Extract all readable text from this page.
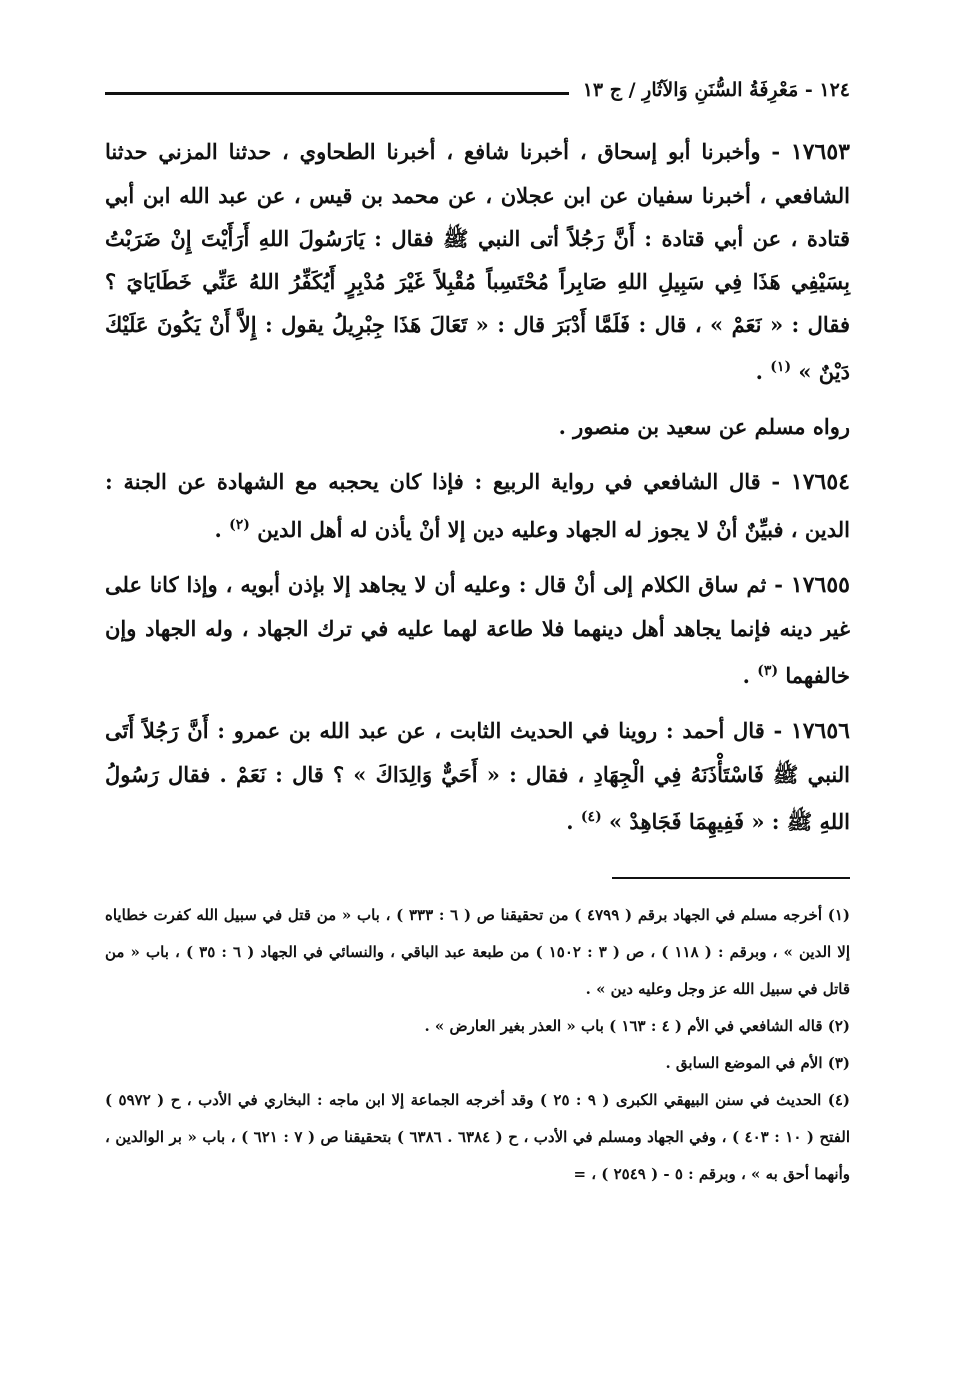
١٢٤ - مَعْرِفَةُ السُّنَنِ وَالآثَارِ / ج ١٣

١٧٦٥٣ - وأخبرنا أبو إسحاق ، أخبرنا شافع ، أخبرنا الطحاوي ، حدثنا المزني حدثنا الشافعي ، أخبرنا سفيان عن ابن عجلان ، عن محمد بن قيس ، عن عبد الله ابن أبي قتادة ، عن أبي قتادة : أَنَّ رَجُلاً أتى النبي ﷺ فقال : يَارَسُولَ اللهِ أَرَأَيْتَ إِنْ ضَرَبْتُ بِسَيْفِي هَذَا فِي سَبِيلِ اللهِ صَابِراً مُحْتَسِباً مُقْبِلاً غَيْرَ مُدْبِرٍ أَيُكَفِّرُ اللهُ عَنِّي خَطَايَايَ ؟ فقال : « نَعَمْ » ، قال : فَلَمَّا أَدْبَرَ قال : « تَعَالَ هَذَا جِبْرِيلُ يقول : إِلاَّ أَنْ يَكُونَ عَلَيْكَ دَيْنٌ » $^{(١)}$ .

رواه مسلم عن سعيد بن منصور .

١٧٦٥٤ - قال الشافعي في رواية الربيع : فإذا كان يحجبه مع الشهادة عن الجنة : الدين ، فبيِّنٌ أنْ لا يجوز له الجهاد وعليه دين إلا أنْ يأذن له أهل الدين $^{(٢)}$ .

١٧٦٥٥ - ثم ساق الكلام إلى أنْ قال : وعليه أن لا يجاهد إلا بإذن أبويه ، وإذا كانا على غير دينه فإنما يجاهد أهل دينهما فلا طاعة لهما عليه في ترك الجهاد ، وله الجهاد وإن خالفهما $^{(٣)}$ .

١٧٦٥٦ - قال أحمد : روينا في الحديث الثابت ، عن عبد الله بن عمرو : أَنَّ رَجُلاً أَتَى النبي ﷺ فَاسْتَأْذَنَهُ فِي الْجِهَادِ ، فقال : « أَحَيٌّ وَالِدَاكَ » ؟ قال : نَعَمْ . فقال رَسُولُ اللهِ ﷺ : « فَفِيهِمَا فَجَاهِدْ » $^{(٤)}$ .

(١) أخرجه مسلم في الجهاد برقم ( ٤٧٩٩ ) من تحقيقنا ص ( ٦ : ٣٣٣ ) ، باب « من قتل في سبيل الله كفرت خطاياه إلا الدين » ، وبرقم : ( ١١٨ ) ، ص ( ٣ : ١٥٠٢ ) من طبعة عبد الباقي ، والنسائي في الجهاد ( ٦ : ٣٥ ) ، باب « من قاتل في سبيل الله عز وجل وعليه دين » .

(٢) قاله الشافعي في الأم ( ٤ : ١٦٣ ) باب « العذر بغير العارض » .

(٣) الأم في الموضع السابق .

(٤) الحديث في سنن البيهقي الكبرى ( ٩ : ٢٥ ) وقد أخرجه الجماعة إلا ابن ماجه : البخاري في الأدب ، ح ( ٥٩٧٢ ) الفتح ( ١٠ : ٤٠٣ ) ، وفي الجهاد ومسلم في الأدب ، ح ( ٦٣٨٤ . ٦٣٨٦ ) بتحقيقنا ص ( ٧ : ٦٢١ ) ، باب « بر الوالدين ، وأنهما أحق به » ، وبرقم : ٥ - ( ٢٥٤٩ ) ، =
